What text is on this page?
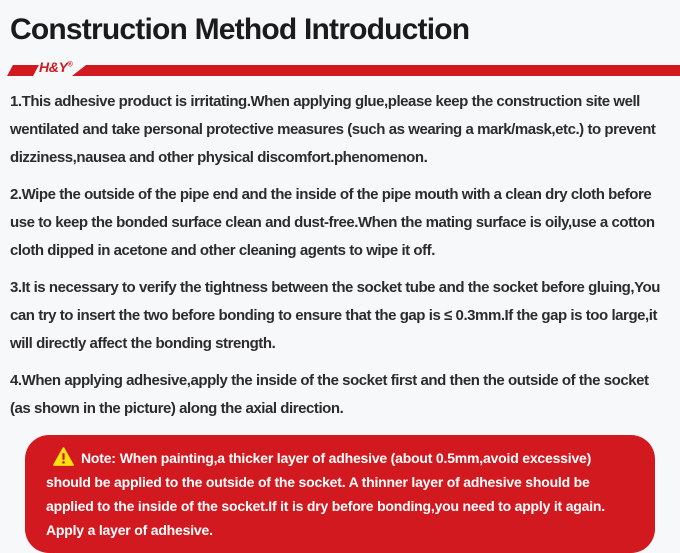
Construction Method Introduction
H&Y®

1.This adhesive product is irritating.When applying glue,please keep the construction site well wentilated and take personal protective measures (such as wearing a mark/mask,etc.) to prevent dizziness,nausea and other physical discomfort.phenomenon.

2.Wipe the outside of the pipe end and the inside of the pipe mouth with a clean dry cloth before use to keep the bonded surface clean and dust-free.When the mating surface is oily,use a cotton cloth dipped in acetone and other cleaning agents to wipe it off.

3.It is necessary to verify the tightness between the socket tube and the socket before gluing,You can try to insert the two before bonding to ensure that the gap is ≤ 0.3mm.If the gap is too large,it will directly affect the bonding strength.

4.When applying adhesive,apply the inside of the socket first and then the outside of the socket (as shown in the picture) along the axial direction.

Note: When painting,a thicker layer of adhesive (about 0.5mm,avoid excessive) should be applied to the outside of the socket. A thinner layer of adhesive should be applied to the inside of the socket.If it is dry before bonding,you need to apply it again. Apply a layer of adhesive.
